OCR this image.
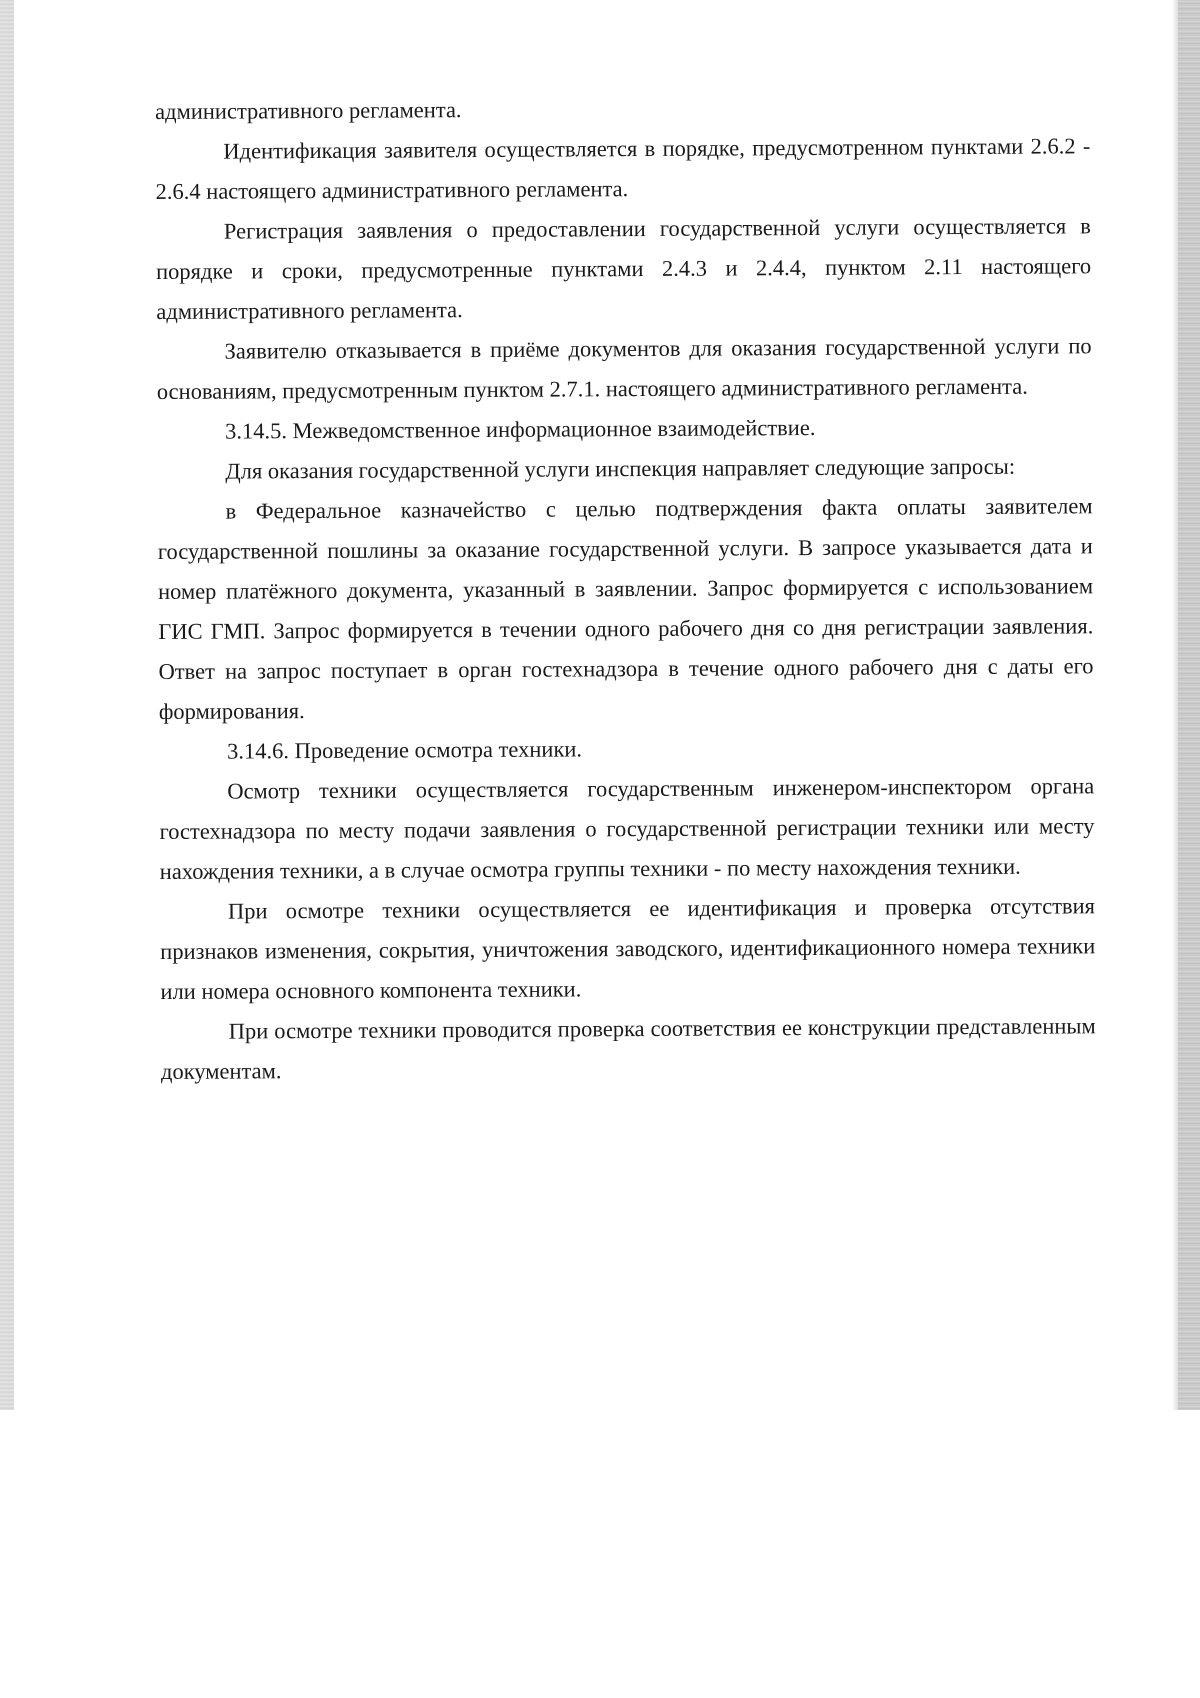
административного регламента.

Идентификация заявителя осуществляется в порядке, предусмотренном пунктами 2.6.2 - 2.6.4 настоящего административного регламента.

Регистрация заявления о предоставлении государственной услуги осуществляется в порядке и сроки, предусмотренные пунктами 2.4.3 и 2.4.4, пунктом 2.11 настоящего административного регламента.

Заявителю отказывается в приёме документов для оказания государственной услуги по основаниям, предусмотренным пунктом 2.7.1. настоящего административного регламента.

3.14.5. Межведомственное информационное взаимодействие.

Для оказания государственной услуги инспекция направляет следующие запросы:

в Федеральное казначейство с целью подтверждения факта оплаты заявителем государственной пошлины за оказание государственной услуги. В запросе указывается дата и номер платёжного документа, указанный в заявлении. Запрос формируется с использованием ГИС ГМП. Запрос формируется в течении одного рабочего дня со дня регистрации заявления. Ответ на запрос поступает в орган гостехнадзора в течение одного рабочего дня с даты его формирования.

3.14.6. Проведение осмотра техники.

Осмотр техники осуществляется государственным инженером-инспектором органа гостехнадзора по месту подачи заявления о государственной регистрации техники или месту нахождения техники, а в случае осмотра группы техники - по месту нахождения техники.

При осмотре техники осуществляется ее идентификация и проверка отсутствия признаков изменения, сокрытия, уничтожения заводского, идентификационного номера техники или номера основного компонента техники.

При осмотре техники проводится проверка соответствия ее конструкции представленным документам.
